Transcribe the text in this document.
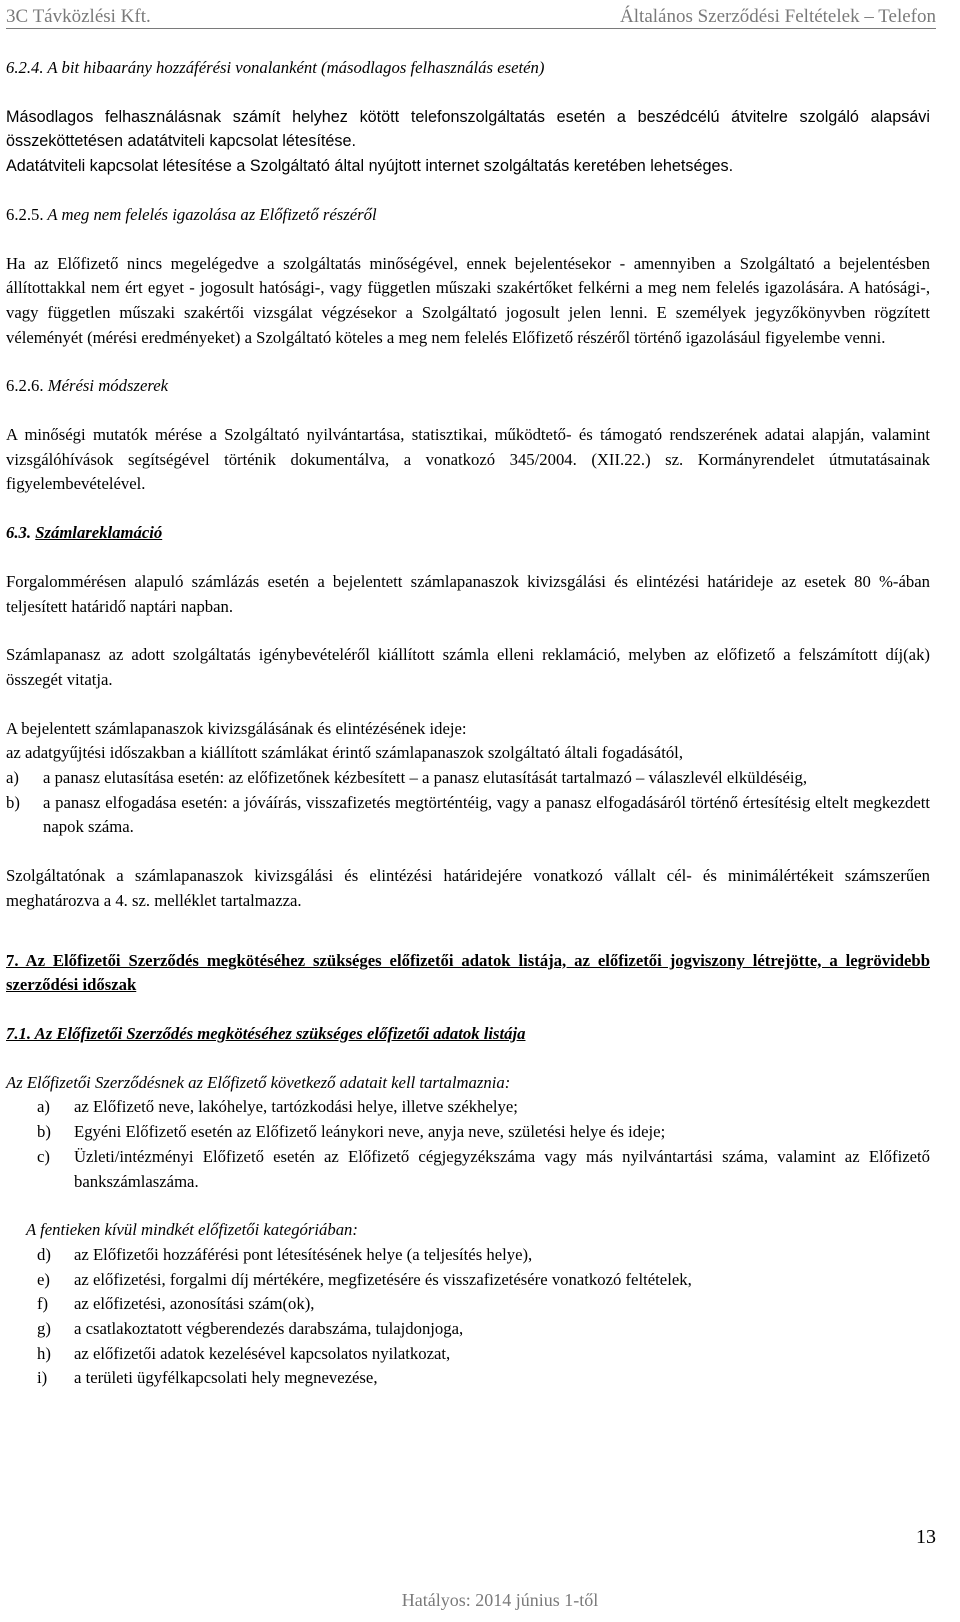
3C Távközlési Kft.	Általános Szerződési Feltételek – Telefon

6.2.4. A bit hibaarány hozzáférési vonalanként (másodlagos felhasználás esetén)

Másodlagos felhasználásnak számít helyhez kötött telefonszolgáltatás esetén a beszédcélú átvitelre szolgáló alapsávi összeköttetésen adatátviteli kapcsolat létesítése.

Adatátviteli kapcsolat létesítése a Szolgáltató által nyújtott internet szolgáltatás keretében lehetséges.

6.2.5. A meg nem felelés igazolása az Előfizető részéről

Ha az Előfizető nincs megelégedve a szolgáltatás minőségével, ennek bejelentésekor - amennyiben a Szolgáltató a bejelentésben állítottakkal nem ért egyet - jogosult hatósági-, vagy független műszaki szakértőket felkérni a meg nem felelés igazolására. A hatósági-, vagy független műszaki szakértői vizsgálat végzésekor a Szolgáltató jogosult jelen lenni. E személyek jegyzőkönyvben rögzített véleményét (mérési eredményeket) a Szolgáltató köteles a meg nem felelés Előfizető részéről történő igazolásául figyelembe venni.

6.2.6. Mérési módszerek

A minőségi mutatók mérése a Szolgáltató nyilvántartása, statisztikai, működtető- és támogató rendszerének adatai alapján, valamint vizsgálóhívások segítségével történik dokumentálva, a vonatkozó 345/2004. (XII.22.) sz. Kormányrendelet útmutatásainak figyelembevételével.

6.3. Számlareklamáció

Forgalommérésen alapuló számlázás esetén a bejelentett számlapanaszok kivizsgálási és elintézési határideje az esetek 80 %-ában teljesített határidő naptári napban.

Számlapanasz az adott szolgáltatás igénybevételéről kiállított számla elleni reklamáció, melyben az előfizető a felszámított díj(ak) összegét vitatja.

A bejelentett számlapanaszok kivizsgálásának és elintézésének ideje:

az adatgyűjtési időszakban a kiállított számlákat érintő számlapanaszok szolgáltató általi fogadásától,

a)	a panasz elutasítása esetén: az előfizetőnek kézbesített – a panasz elutasítását tartalmazó – válaszlevél elküldéséig,
b)	a panasz elfogadása esetén: a jóváírás, visszafizetés megtörténtéig, vagy a panasz elfogadásáról történő értesítésig eltelt megkezdett napok száma.

Szolgáltatónak a számlapanaszok kivizsgálási és elintézési határidejére vonatkozó vállalt cél- és minimálértékeit számszerűen meghatározva a 4. sz. melléklet tartalmazza.

7. Az Előfizetői Szerződés megkötéséhez szükséges előfizetői adatok listája, az előfizetői jogviszony létrejötte, a legrövidebb szerződési időszak

7.1. Az Előfizetői Szerződés megkötéséhez szükséges előfizetői adatok listája

Az Előfizetői Szerződésnek az Előfizető következő adatait kell tartalmaznia:

a)	az Előfizető neve, lakóhelye, tartózkodási helye, illetve székhelye;
b)	Egyéni Előfizető esetén az Előfizető leánykori neve, anyja neve, születési helye és ideje;
c)	Üzleti/intézményi Előfizető esetén az Előfizető cégjegyzékszáma vagy más nyilvántartási száma, valamint az Előfizető bankszámlaszáma.

A fentieken kívül mindkét előfizetői kategóriában:

d)	az Előfizetői hozzáférési pont létesítésének helye (a teljesítés helye),
e)	az előfizetési, forgalmi díj mértékére, megfizetésére és visszafizetésére vonatkozó feltételek,
f)	az előfizetési, azonosítási szám(ok),
g)	a csatlakoztatott végberendezés darabszáma, tulajdonjoga,
h)	az előfizetői adatok kezelésével kapcsolatos nyilatkozat,
i)	a területi ügyfélkapcsolati hely megnevezése,
13
Hatályos: 2014 június 1-től
